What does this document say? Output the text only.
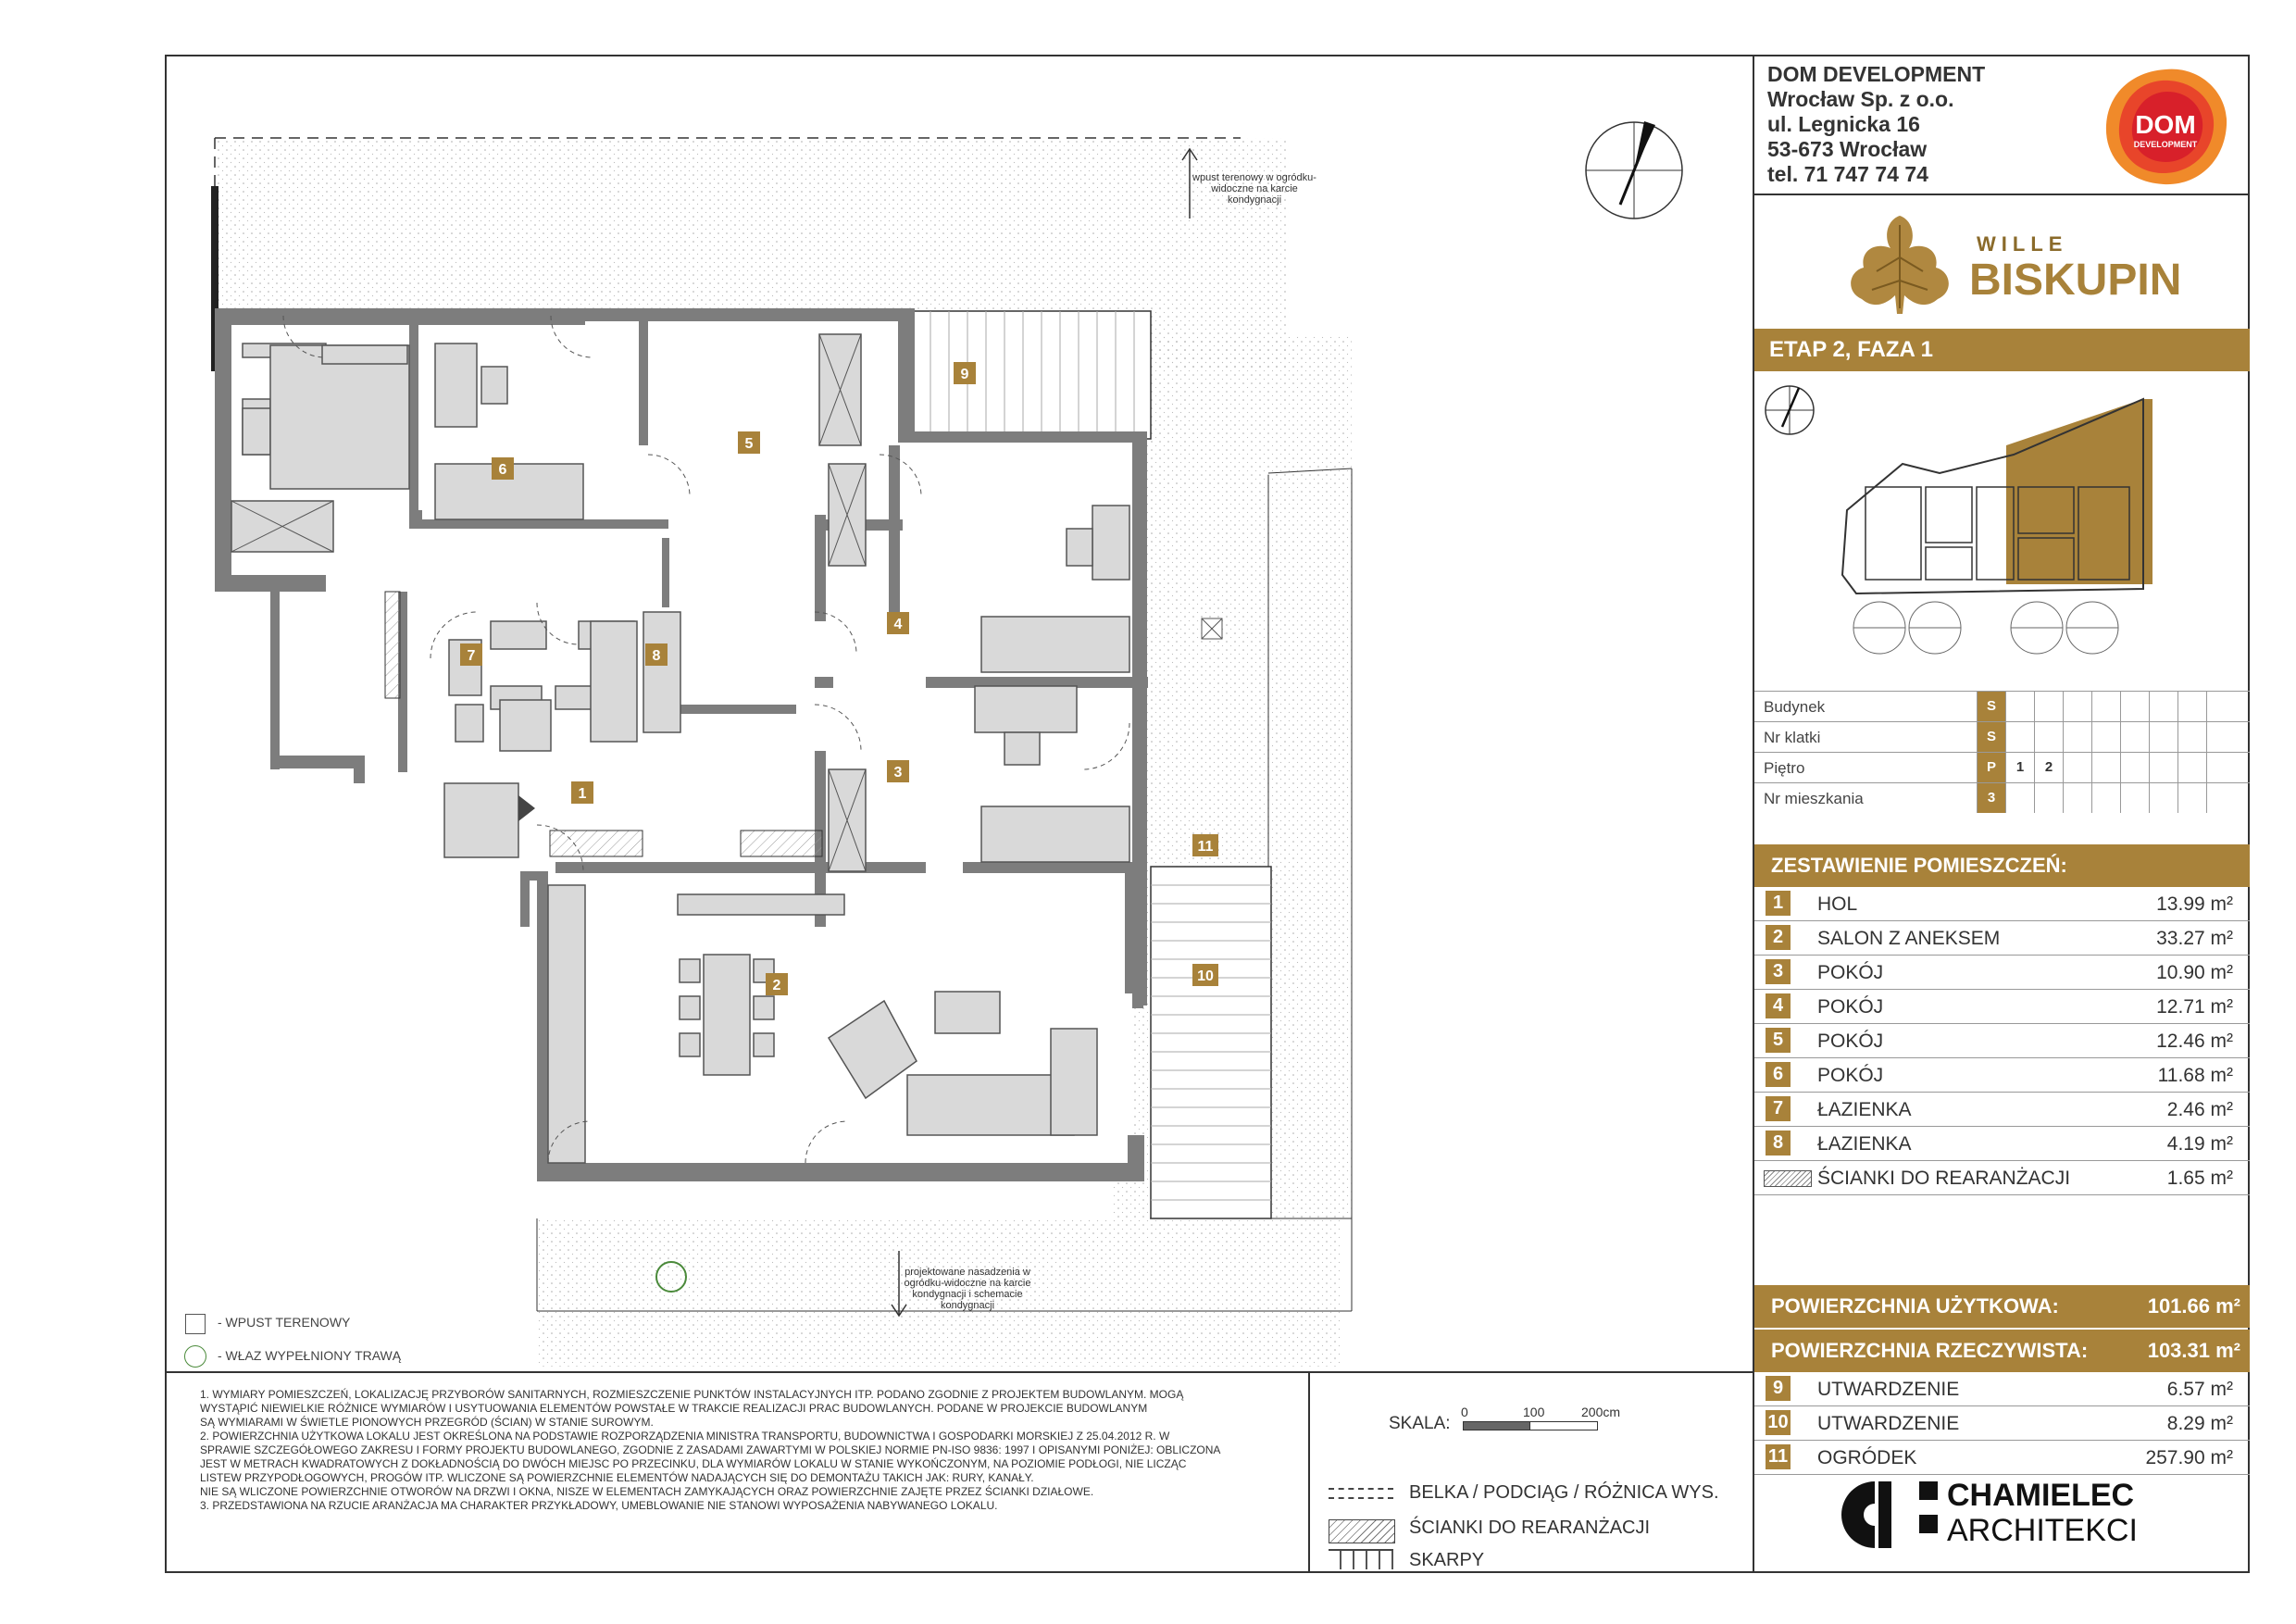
1
2
3
4
5
6
7	8
9
10
11
wpust terenowy w ogródku-widoczne na karcie kondygnacji
projektowane nasadzenia w ogródku-widoczne na karcie kondygnacji i schemacie kondygnacji
- WPUST TERENOWY
- WŁAZ WYPEŁNIONY TRAWĄ
DOM DEVELOPMENT
Wrocław Sp. z o.o.
ul. Legnicka 16
53-673 Wrocław
tel. 71 747 74 74
DOM
DEVELOPMENT
WILLE
BISKUPIN
ETAP 2, FAZA 1
Budynek	S
Nr klatki	S
Piętro	P	1	2
Nr mieszkania	3
ZESTAWIENIE POMIESZCZEŃ:
1	HOL	13.99 m²
2	SALON Z ANEKSEM	33.27 m²
3	POKÓJ	10.90 m²
4	POKÓJ	12.71 m²
5	POKÓJ	12.46 m²
6	POKÓJ	11.68 m²
7	ŁAZIENKA	2.46 m²
8	ŁAZIENKA	4.19 m²
ŚCIANKI DO REARANŻACJI	1.65 m²
POWIERZCHNIA UŻYTKOWA:	101.66 m²
POWIERZCHNIA RZECZYWISTA:	103.31 m²
9	UTWARDZENIE	6.57 m²
10 UTWARDZENIE	8.29 m²
11 OGRÓDEK	257.90 m²
CHAMIELEC
ARCHITEKCI

1. WYMIARY POMIESZCZEŃ, LOKALIZACJĘ PRZYBORÓW SANITARNYCH, ROZMIESZCZENIE PUNKTÓW INSTALACYJNYCH ITP. PODANO ZGODNIE Z PROJEKTEM BUDOWLANYM. MOGĄ

WYSTĄPIĆ NIEWIELKIE RÓŻNICE WYMIARÓW I USYTUOWANIA ELEMENTÓW POWSTAŁE W TRAKCIE REALIZACJI PRAC BUDOWLANYCH. PODANE W PROJEKCIE BUDOWLANYM

SĄ WYMIARAMI W ŚWIETLE PIONOWYCH PRZEGRÓD (ŚCIAN) W STANIE SUROWYM.

2. POWIERZCHNIA UŻYTKOWA LOKALU JEST OKREŚLONA NA PODSTAWIE ROZPORZĄDZENIA MINISTRA TRANSPORTU, BUDOWNICTWA I GOSPODARKI MORSKIEJ Z 25.04.2012 R. W

SPRAWIE SZCZEGÓŁOWEGO ZAKRESU I FORMY PROJEKTU BUDOWLANEGO, ZGODNIE Z ZASADAMI ZAWARTYMI W POLSKIEJ NORMIE PN-ISO 9836: 1997 I OPISANYMI PONIŻEJ: OBLICZONA

JEST W METRACH KWADRATOWYCH Z DOKŁADNOŚCIĄ DO DWÓCH MIEJSC PO PRZECINKU, DLA WYMIARÓW LOKALU W STANIE WYKOŃCZONYM, NA POZIOMIE PODŁOGI, NIE LICZĄC

LISTEW PRZYPODŁOGOWYCH, PROGÓW ITP. WLICZONE SĄ POWIERZCHNIE ELEMENTÓW NADAJĄCYCH SIĘ DO DEMONTAŻU TAKICH JAK: RURY, KANAŁY.

NIE SĄ WLICZONE POWIERZCHNIE OTWORÓW NA DRZWI I OKNA, NISZE W ELEMENTACH ZAMYKAJĄCYCH ORAZ POWIERZCHNIE ZAJĘTE PRZEZ ŚCIANKI DZIAŁOWE.

3. PRZEDSTAWIONA NA RZUCIE ARANŻACJA MA CHARAKTER PRZYKŁADOWY, UMEBLOWANIE NIE STANOWI WYPOSAŻENIA NABYWANEGO LOKALU.

SKALA:
0	100	200cm
BELKA / PODCIĄG / RÓŻNICA WYS.
ŚCIANKI DO REARANŻACJI
SKARPY
